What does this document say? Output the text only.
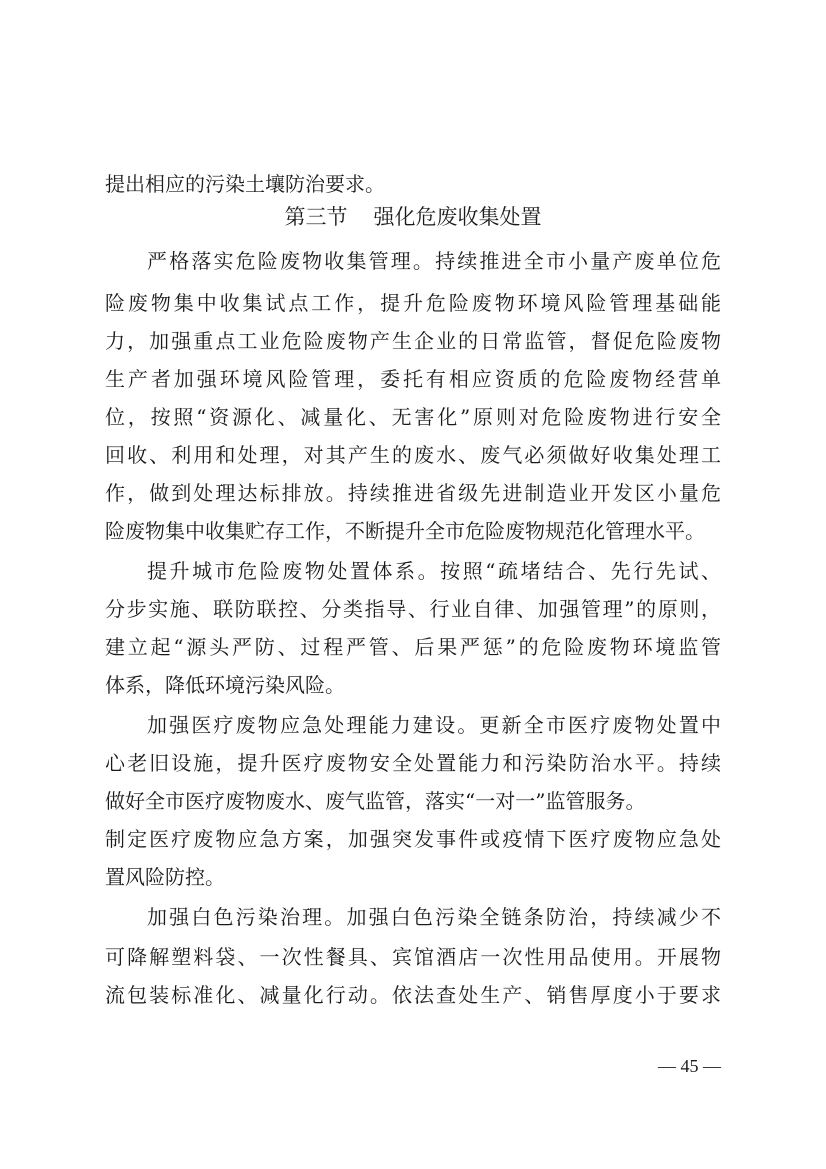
提出相应的污染土壤防治要求。
第三节 强化危废收集处置
严格落实危险废物收集管理。持续推进全市小量产废单位危
险废物集中收集试点工作，提升危险废物环境风险管理基础能
力，加强重点工业危险废物产生企业的日常监管，督促危险废物
生产者加强环境风险管理，委托有相应资质的危险废物经营单
位，按照“资源化、减量化、无害化”原则对危险废物进行安全
回收、利用和处理，对其产生的废水、废气必须做好收集处理工
作，做到处理达标排放。持续推进省级先进制造业开发区小量危
险废物集中收集贮存工作，不断提升全市危险废物规范化管理水平。
提升城市危险废物处置体系。按照“疏堵结合、先行先试、
分步实施、联防联控、分类指导、行业自律、加强管理”的原则，
建立起“源头严防、过程严管、后果严惩”的危险废物环境监管
体系，降低环境污染风险。
加强医疗废物应急处理能力建设。更新全市医疗废物处置中
心老旧设施，提升医疗废物安全处置能力和污染防治水平。持续
做好全市医疗废物废水、废气监管，落实“一对一”监管服务。
制定医疗废物应急方案，加强突发事件或疫情下医疗废物应急处
置风险防控。
加强白色污染治理。加强白色污染全链条防治，持续减少不
可降解塑料袋、一次性餐具、宾馆酒店一次性用品使用。开展物
流包装标准化、减量化行动。依法查处生产、销售厚度小于要求
— 45 —
